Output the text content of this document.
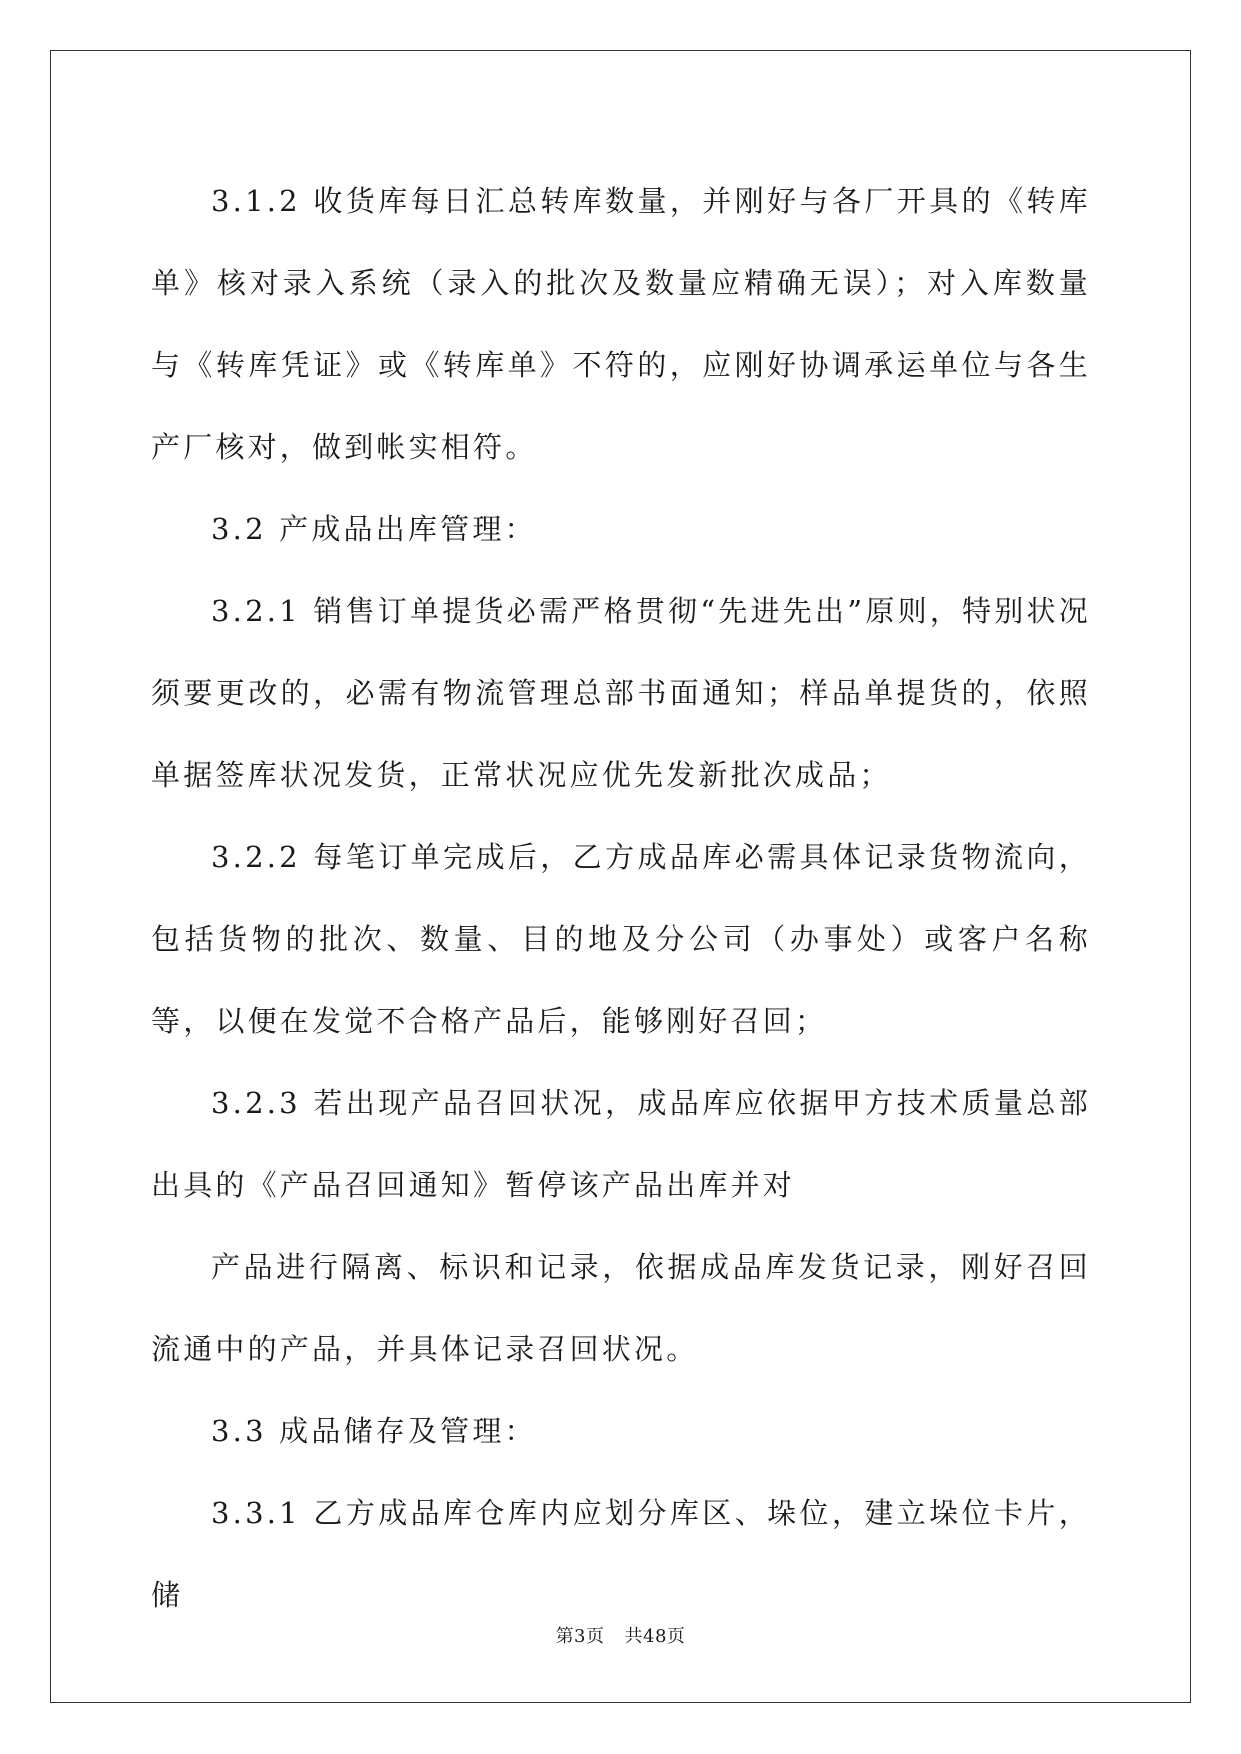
3.1.2 收货库每日汇总转库数量，并刚好与各厂开具的《转库单》核对录入系统（录入的批次及数量应精确无误）；对入库数量与《转库凭证》或《转库单》不符的，应刚好协调承运单位与各生产厂核对，做到帐实相符。

3.2 产成品出库管理：

3.2.1 销售订单提货必需严格贯彻“先进先出”原则，特别状况须要更改的，必需有物流管理总部书面通知；样品单提货的，依照单据签库状况发货，正常状况应优先发新批次成品；

3.2.2 每笔订单完成后，乙方成品库必需具体记录货物流向，包括货物的批次、数量、目的地及分公司（办事处）或客户名称等，以便在发觉不合格产品后，能够刚好召回；

3.2.3 若出现产品召回状况，成品库应依据甲方技术质量总部出具的《产品召回通知》暂停该产品出库并对

产品进行隔离、标识和记录，依据成品库发货记录，刚好召回流通中的产品，并具体记录召回状况。

3.3 成品储存及管理：

3.3.1 乙方成品库仓库内应划分库区、垛位，建立垛位卡片，储

第3页 共48页
